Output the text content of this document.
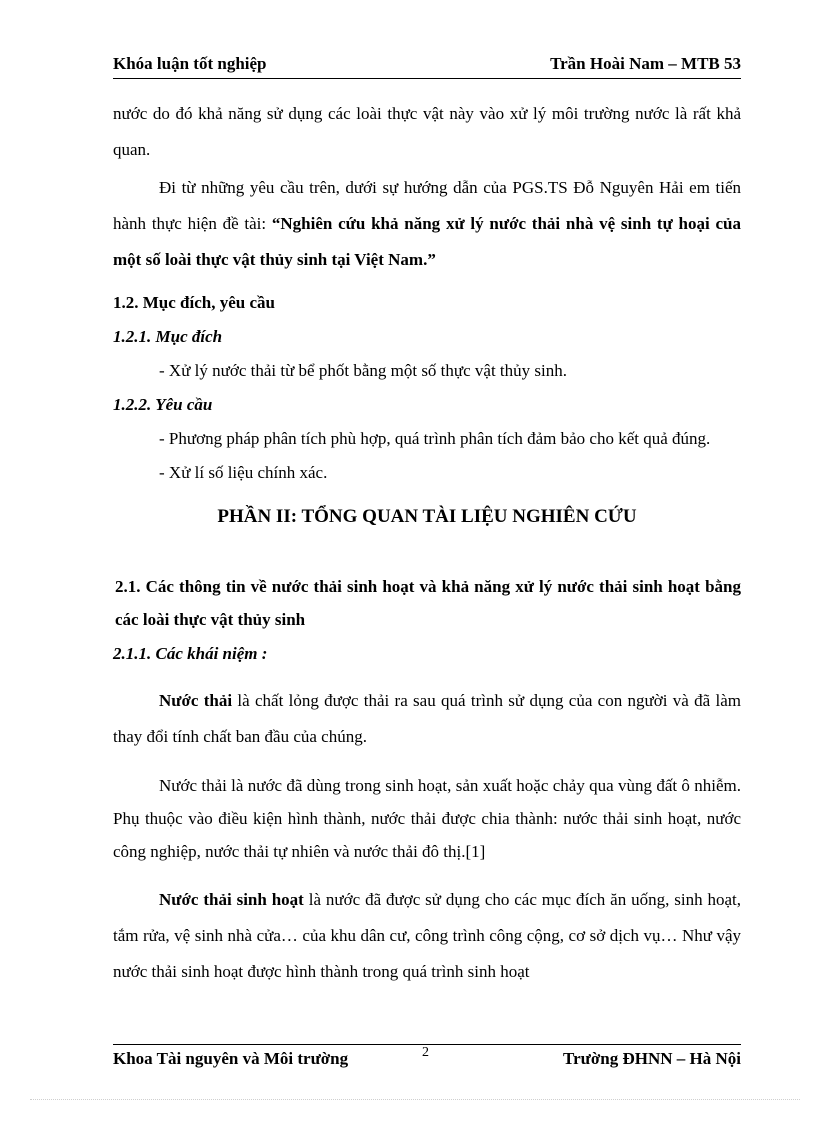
Khóa luận tốt nghiệp	Trần Hoài Nam – MTB 53

nước do đó khả năng sử dụng các loài thực vật này vào xử lý môi trường nước là rất khả quan.

Đi từ những yêu cầu trên, dưới sự hướng dẫn của PGS.TS Đỗ Nguyên Hải em tiến hành thực hiện đề tài: “Nghiên cứu khả năng xử lý nước thải nhà vệ sinh tự hoại của một số loài thực vật thủy sinh tại Việt Nam.”

1.2. Mục đích, yêu cầu

1.2.1. Mục đích

- Xử lý nước thải từ bể phốt bằng một số thực vật thủy sinh.

1.2.2. Yêu cầu

- Phương pháp phân tích phù hợp, quá trình phân tích đảm bảo cho kết quả đúng.

- Xử lí số liệu chính xác.

PHẦN II: TỔNG QUAN TÀI LIỆU NGHIÊN CỨU

2.1. Các thông tin về nước thải sinh hoạt và khả năng xử lý nước thải sinh hoạt bằng các loài thực vật thủy sinh

2.1.1. Các khái niệm :

Nước thải là chất lỏng được thải ra sau quá trình sử dụng của con người và đã làm thay đổi tính chất ban đầu của chúng.

Nước thải là nước đã dùng trong sinh hoạt, sản xuất hoặc chảy qua vùng đất ô nhiễm. Phụ thuộc vào điều kiện hình thành, nước thải được chia thành: nước thải sinh hoạt, nước công nghiệp, nước thải tự nhiên và nước thải đô thị.[1]

Nước thải sinh hoạt là nước đã được sử dụng cho các mục đích ăn uống, sinh hoạt, tắm rửa, vệ sinh nhà cửa… của khu dân cư, công trình công cộng, cơ sở dịch vụ… Như vậy nước thải sinh hoạt được hình thành trong quá trình sinh hoạt

Khoa Tài nguyên và Môi trường	2	Trường ĐHNN – Hà Nội
